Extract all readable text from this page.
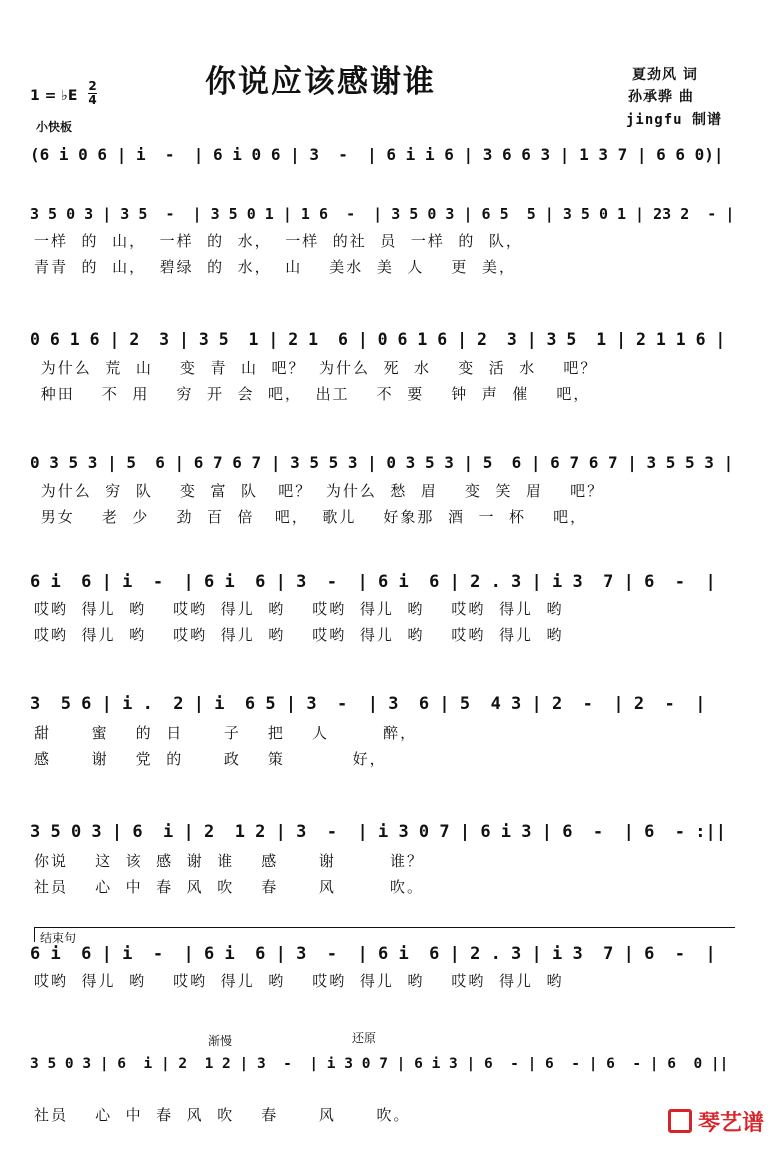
你说应该感谢谁
1 = ♭E
2
4
小快板
夏劲风 词
孙承骅 曲
jingfu 制谱
(6 i 0 6 | i  -  | 6 i 0 6 | 3  -  | 6 i i 6 | 3 6 6 3 | 1 3 7 | 6 6 0)|
3 5 0 3 | 3 5  -  | 3 5 0 1 | 1 6  -  | 3 5 0 3 | 6 5  5 | 3 5 0 1 | 23 2  - |
一样  的  山，  一样  的  水，  一样  的社  员  一样  的  队，
青青  的  山，  碧绿  的  水，  山    美水  美  人    更  美，
0 6 1 6 | 2  3 | 3 5  1 | 2 1  6 | 0 6 1 6 | 2  3 | 3 5  1 | 2 1 1 6 |
为什么  荒  山    变  青  山  吧？  为什么  死  水    变  活  水    吧？
种田    不  用    穷  开  会  吧，  出工    不  要    钟  声  催    吧，
0 3 5 3 | 5  6 | 6 7 6 7 | 3 5 5 3 | 0 3 5 3 | 5  6 | 6 7 6 7 | 3 5 5 3 |
为什么  穷  队    变  富  队   吧？  为什么  愁  眉    变  笑  眉    吧？
男女    老  少    劲  百  倍   吧，  歌儿    好象那  酒  一  杯    吧，
6 i  6 | i  -  | 6 i  6 | 3  -  | 6 i  6 | 2 . 3 | i 3  7 | 6  -  |
哎哟  得儿  哟    哎哟  得儿  哟    哎哟  得儿  哟    哎哟  得儿  哟
哎哟  得儿  哟    哎哟  得儿  哟    哎哟  得儿  哟    哎哟  得儿  哟
3  5 6 | i .  2 | i  6 5 | 3  -  | 3  6 | 5  4 3 | 2  -  | 2  -  |
甜      蜜    的  日      子    把    人        醉，
感      谢    党  的      政    策          好，
3 5 0 3 | 6  i | 2  1 2 | 3  -  | i 3 0 7 | 6 i 3 | 6  -  | 6  - :||
你说    这  该  感  谢  谁    感      谢        谁？
社员    心  中  春  风  吹    春      风        吹。
6 i  6 | i  -  | 6 i  6 | 3  -  | 6 i  6 | 2 . 3 | i 3  7 | 6  -  |
哎哟  得儿  哟    哎哟  得儿  哟    哎哟  得儿  哟    哎哟  得儿  哟
3 5 0 3 | 6  i | 2  1 2 | 3  -  | i 3 0 7 | 6 i 3 | 6  - | 6  - | 6  - | 6  0 ||
社员    心  中  春  风  吹    春      风      吹。
结束句
渐慢	还原
琴艺谱
